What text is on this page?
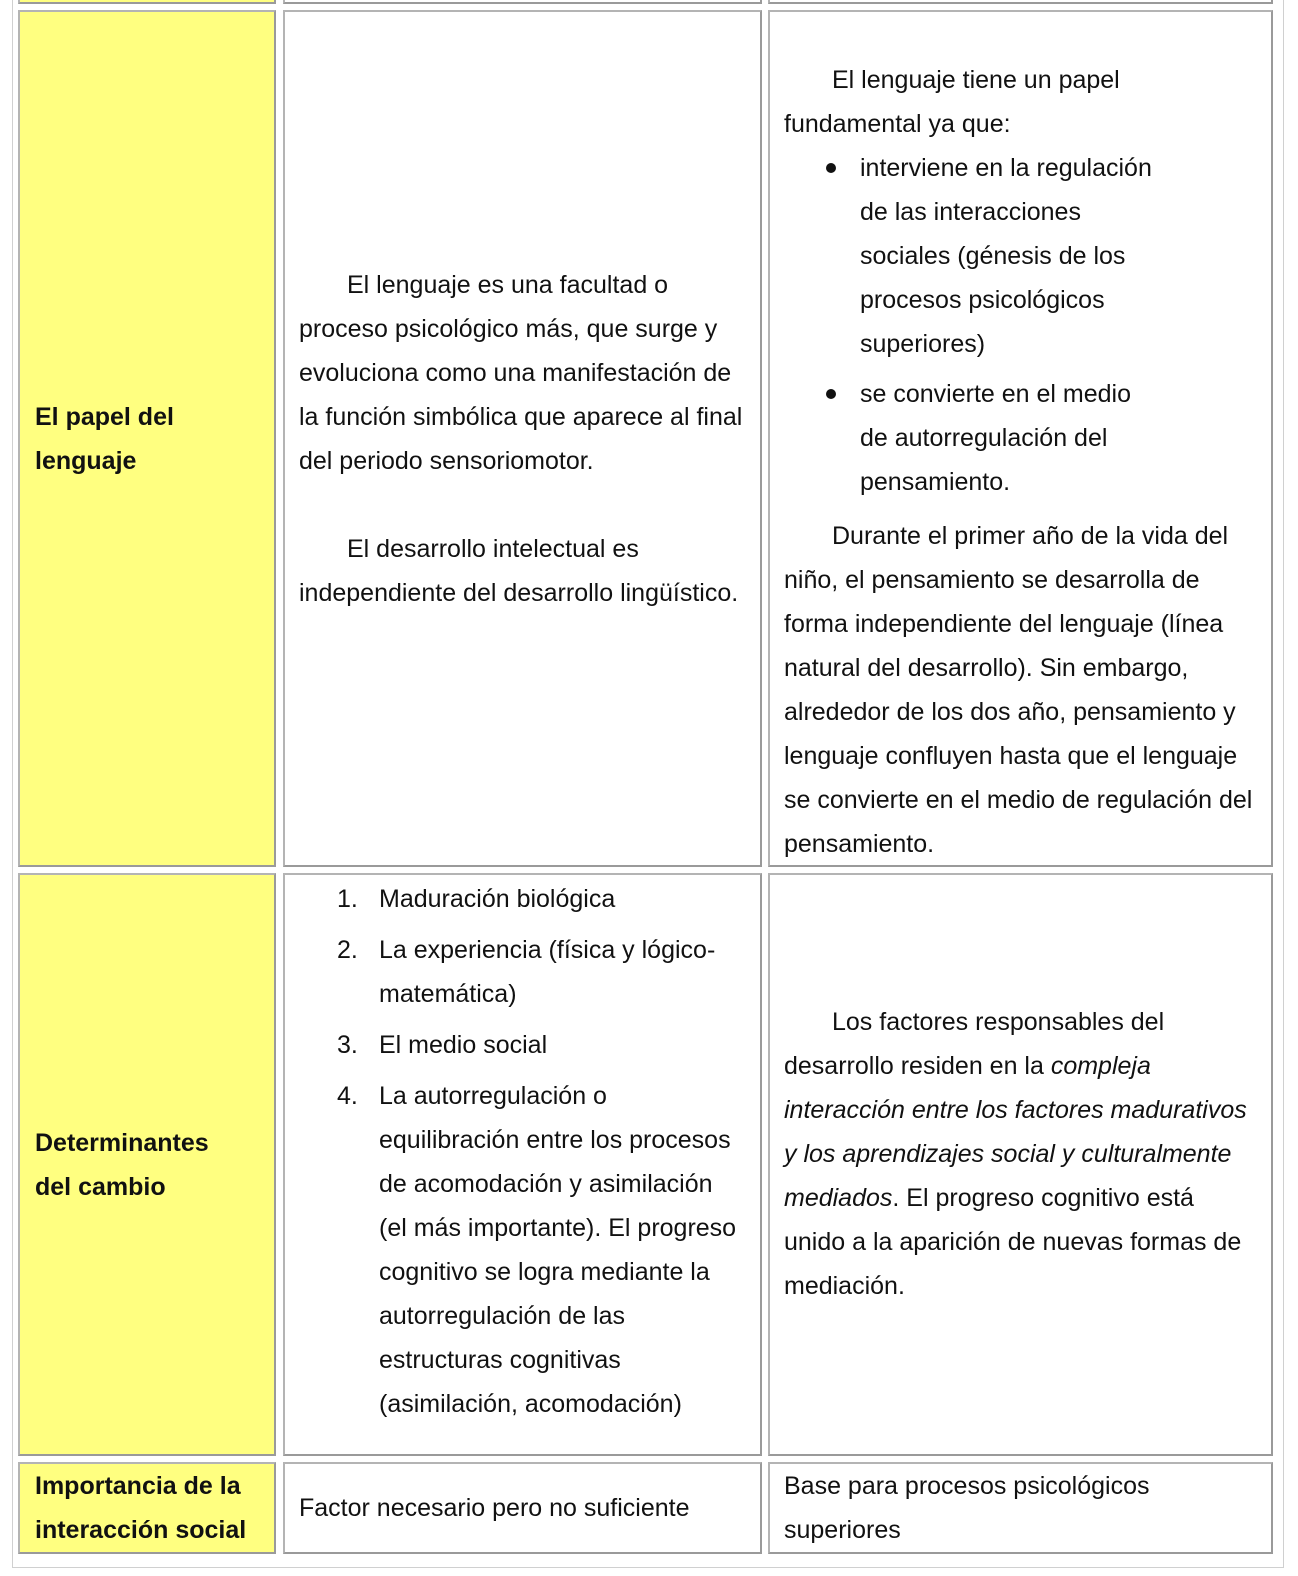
El papel del lenguaje

El lenguaje es una facultad o proceso psicológico más, que surge y evoluciona como una manifestación de la función simbólica que aparece al final del periodo sensoriomotor.

El desarrollo intelectual es independiente del desarrollo lingüístico.

El lenguaje tiene un papel fundamental ya que:

interviene en la regulación de las interacciones sociales (génesis de los procesos psicológicos superiores)
se convierte en el medio de autorregulación del pensamiento.

Durante el primer año de la vida del niño, el pensamiento se desarrolla de forma independiente del lenguaje (línea natural del desarrollo). Sin embargo, alrededor de los dos año, pensamiento y lenguaje confluyen hasta que el lenguaje se convierte en el medio de regulación del pensamiento.

Determinantes del cambio
1. Maduración biológica
2. La experiencia (física y lógico-matemática)
3. El medio social
4. La autorregulación o equilibración entre los procesos de acomodación y asimilación (el más importante). El progreso cognitivo se logra mediante la autorregulación de las estructuras cognitivas (asimilación, acomodación)

Los factores responsables del desarrollo residen en la compleja interacción entre los factores madurativos y los aprendizajes social y culturalmente mediados. El progreso cognitivo está unido a la aparición de nuevas formas de mediación.

Importancia de la interacción social

Factor necesario pero no suficiente

Base para procesos psicológicos superiores
